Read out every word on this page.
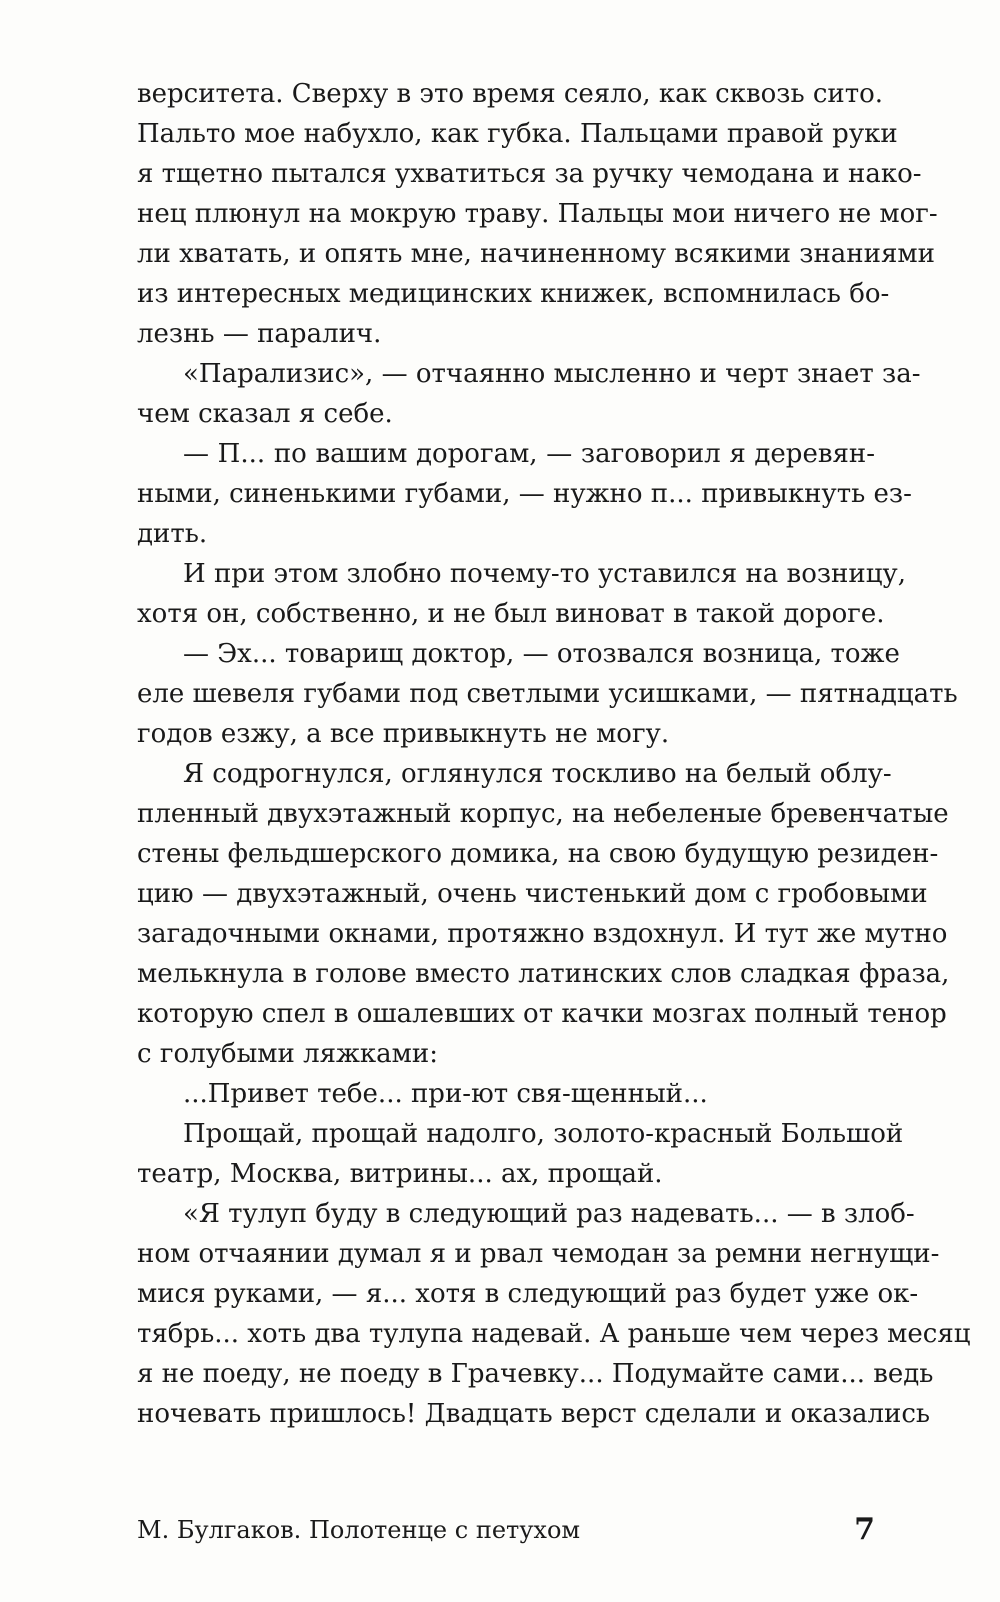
верситета. Сверху в это время сеяло, как сквозь сито.
Пальто мое набухло, как губка. Пальцами правой руки
я тщетно пытался ухватиться за ручку чемодана и нако-
нец плюнул на мокрую траву. Пальцы мои ничего не мог-
ли хватать, и опять мне, начиненному всякими знаниями
из интересных медицинских книжек, вспомнилась бо-
лезнь — паралич.
«Парализис», — отчаянно мысленно и черт знает за-
чем сказал я себе.
— П... по вашим дорогам, — заговорил я деревян-
ными, синенькими губами, — нужно п... привыкнуть ез-
дить.
И при этом злобно почему-то уставился на возницу,
хотя он, собственно, и не был виноват в такой дороге.
— Эх... товарищ доктор, — отозвался возница, тоже
еле шевеля губами под светлыми усишками, — пятнадцать
годов езжу, а все привыкнуть не могу.
Я содрогнулся, оглянулся тоскливо на белый облу-
пленный двухэтажный корпус, на небеленые бревенчатые
стены фельдшерского домика, на свою будущую резиден-
цию — двухэтажный, очень чистенький дом с гробовыми
загадочными окнами, протяжно вздохнул. И тут же мутно
мелькнула в голове вместо латинских слов сладкая фраза,
которую спел в ошалевших от качки мозгах полный тенор
с голубыми ляжками:
...Привет тебе... при-ют свя-щенный...
Прощай, прощай надолго, золото-красный Большой
театр, Москва, витрины... ах, прощай.
«Я тулуп буду в следующий раз надевать... — в злоб-
ном отчаянии думал я и рвал чемодан за ремни негнущи-
мися руками, — я... хотя в следующий раз будет уже ок-
тябрь... хоть два тулупа надевай. А раньше чем через месяц
я не поеду, не поеду в Грачевку... Подумайте сами... ведь
ночевать пришлось! Двадцать верст сделали и оказались
М. Булгаков. Полотенце с петухом	7
